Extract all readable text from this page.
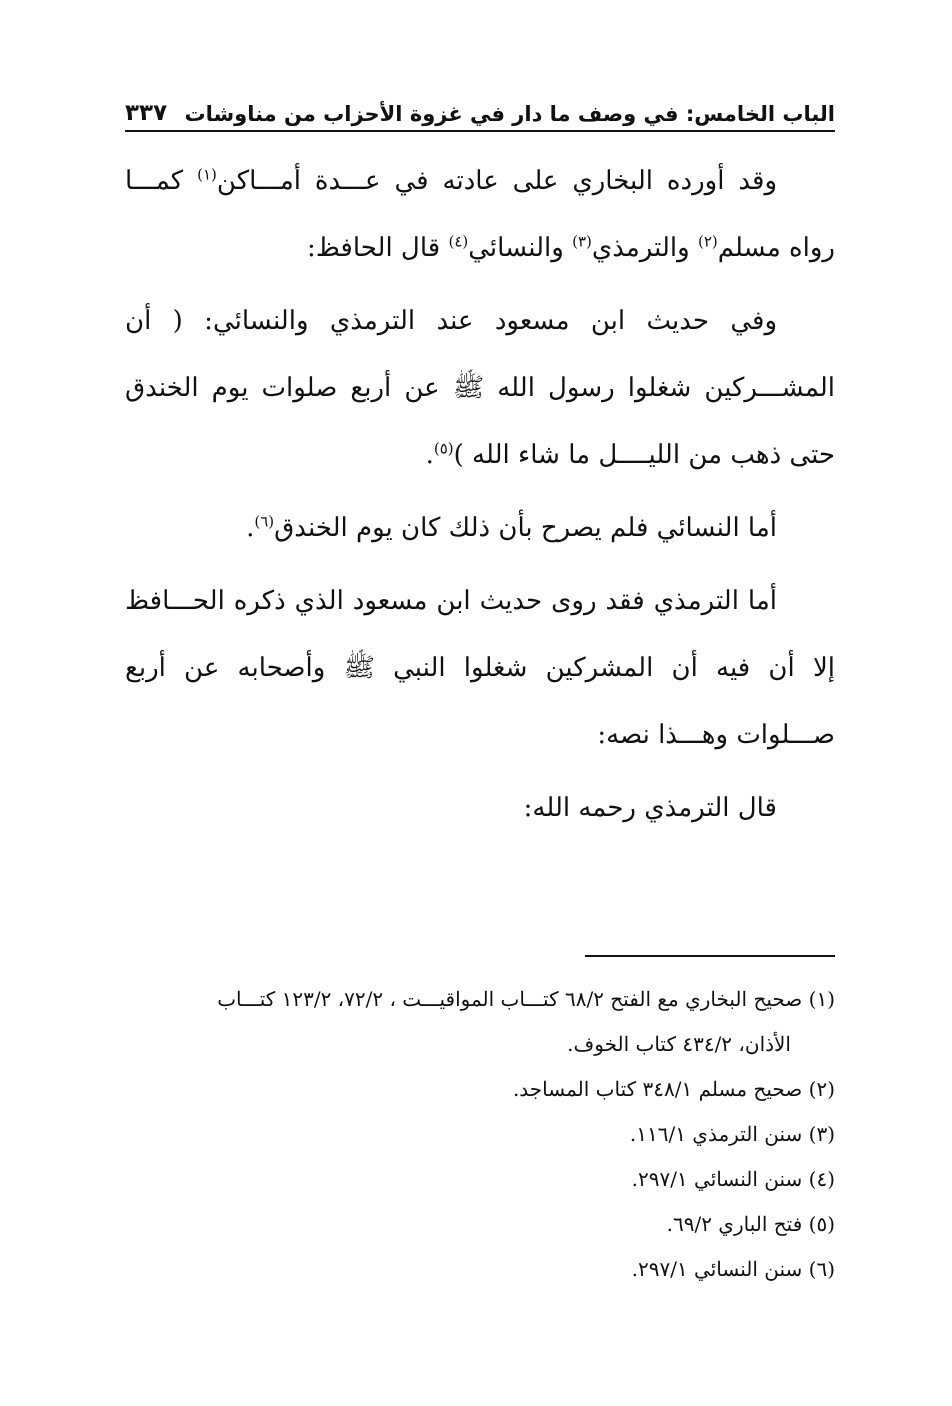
الباب الخامس: في وصف ما دار في غزوة الأحزاب من مناوشات
٣٣٧

وقد أورده البخاري على عادته في عـــدة أمـــاكن$^{(١)}$ كمـــا رواه مسلم$^{(٢)}$ والترمذي$^{(٣)}$ والنسائي$^{(٤)}$ قال الحافظ:

وفي حديث ابن مسعود عند الترمذي والنسائي: ( أن المشـــركين شغلوا رسول الله ﷺ عن أربع صلوات يوم الخندق حتى ذهب من الليــــل ما شاء الله )$^{(٥)}$.

أما النسائي فلم يصرح بأن ذلك كان يوم الخندق$^{(٦)}$.

أما الترمذي فقد روى حديث ابن مسعود الذي ذكره الحـــافظ إلا أن فيه أن المشركين شغلوا النبي ﷺ وأصحابه عن أربع صـــلوات وهـــذا نصه:

قال الترمذي رحمه الله:

(١) صحيح البخاري مع الفتح ٦٨/٢ كتـــاب المواقيـــت ، ٧٢/٢، ١٢٣/٢ كتـــاب
الأذان، ٤٣٤/٢ كتاب الخوف.

(٢) صحيح مسلم ٣٤٨/١ كتاب المساجد.

(٣) سنن الترمذي ١١٦/١.

(٤) سنن النسائي ٢٩٧/١.

(٥) فتح الباري ٦٩/٢.

(٦) سنن النسائي ٢٩٧/١.
